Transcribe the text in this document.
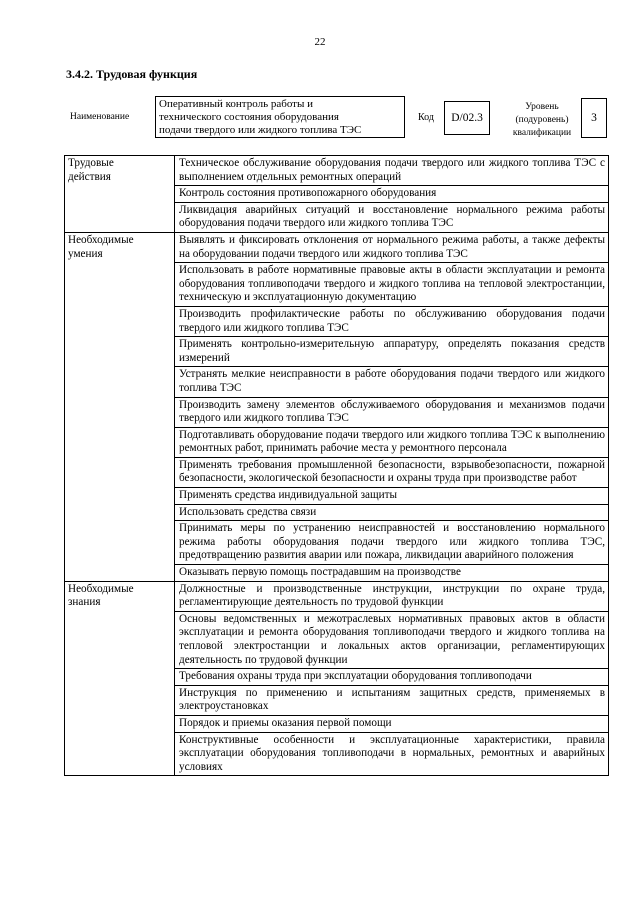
22
3.4.2. Трудовая функция
Наименование
Оперативный контроль работы и
технического состояния оборудования
подачи твердого или жидкого топлива ТЭС
Код	D/02.3
Уровень
(подуровень)
квалификации
3
Трудовые
действия	Техническое обслуживание оборудования подачи твердого или жидкого топлива ТЭС с выполнением отдельных ремонтных операций
	Контроль состояния противопожарного оборудования
	Ликвидация аварийных ситуаций и восстановление нормального режима работы оборудования подачи твердого или жидкого топлива ТЭС

Необходимые
умения	Выявлять и фиксировать отклонения от нормального режима работы, а также дефекты на оборудовании подачи твердого или жидкого топлива ТЭС
	Использовать в работе нормативные правовые акты в области эксплуатации и ремонта оборудования топливоподачи твердого и жидкого топлива на тепловой электростанции, техническую и эксплуатационную документацию
	Производить профилактические работы по обслуживанию оборудования подачи твердого или жидкого топлива ТЭС
	Применять контрольно-измерительную аппаратуру, определять показания средств измерений
	Устранять мелкие неисправности в работе оборудования подачи твердого или жидкого топлива ТЭС
	Производить замену элементов обслуживаемого оборудования и механизмов подачи твердого или жидкого топлива ТЭС
	Подготавливать оборудование подачи твердого или жидкого топлива ТЭС к выполнению ремонтных работ, принимать рабочие места у ремонтного персонала
	Применять требования промышленной безопасности, взрывобезопасности, пожарной безопасности, экологической безопасности и охраны труда при производстве работ
	Применять средства индивидуальной защиты
	Использовать средства связи
	Принимать меры по устранению неисправностей и восстановлению нормального режима работы оборудования подачи твердого или жидкого топлива ТЭС, предотвращению развития аварии или пожара, ликвидации аварийного положения
	Оказывать первую помощь пострадавшим на производстве

Необходимые
знания	Должностные и производственные инструкции, инструкции по охране труда, регламентирующие деятельность по трудовой функции
	Основы ведомственных и межотраслевых нормативных правовых актов в области эксплуатации и ремонта оборудования топливоподачи твердого и жидкого топлива на тепловой электростанции и локальных актов организации, регламентирующих деятельность по трудовой функции
	Требования охраны труда при эксплуатации оборудования топливоподачи
	Инструкция по применению и испытаниям защитных средств, применяемых в электроустановках
	Порядок и приемы оказания первой помощи
	Конструктивные особенности и эксплуатационные характеристики, правила эксплуатации оборудования топливоподачи в нормальных, ремонтных и аварийных условиях
